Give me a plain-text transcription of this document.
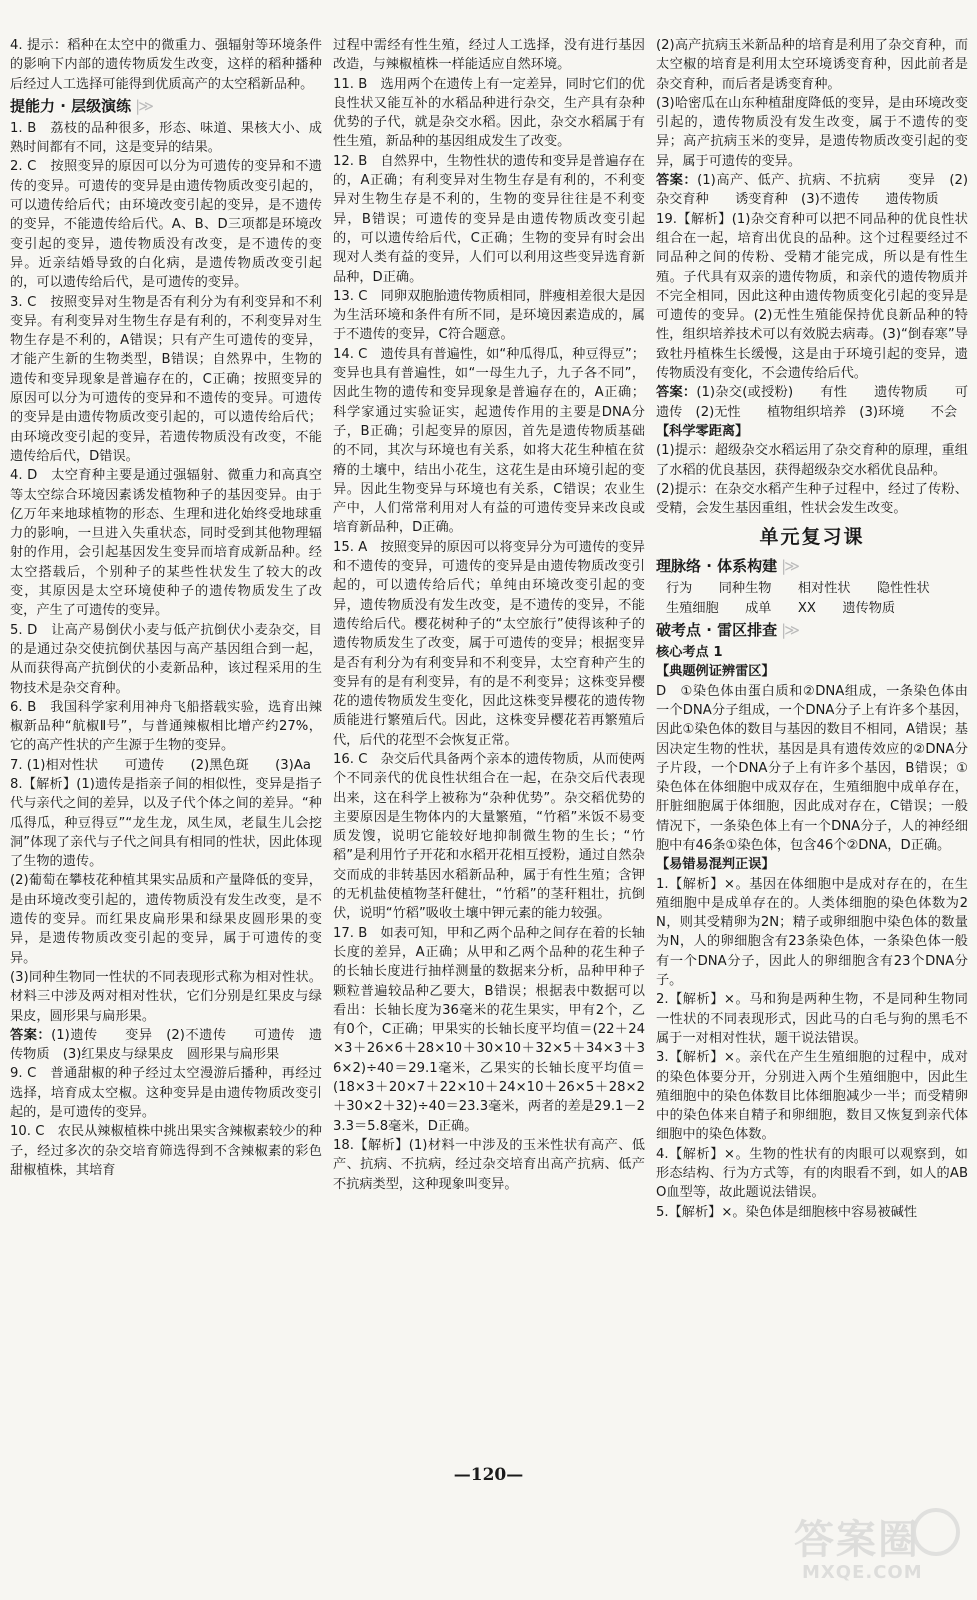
4. 提示：稻种在太空中的微重力、强辐射等环境条件的影响下内部的遗传物质发生改变，这样的稻种播种后经过人工选择可能得到优质高产的太空稻新品种。

提能力 · 层级演练 |≫

1. B　荔枝的品种很多，形态、味道、果核大小、成熟时间都有不同，这是变异的结果。

2. C　按照变异的原因可以分为可遗传的变异和不遗传的变异。可遗传的变异是由遗传物质改变引起的，可以遗传给后代；由环境改变引起的变异，是不遗传的变异，不能遗传给后代。A、B、D三项都是环境改变引起的变异，遗传物质没有改变，是不遗传的变异。近亲结婚导致的白化病，是遗传物质改变引起的，可以遗传给后代，是可遗传的变异。

3. C　按照变异对生物是否有利分为有利变异和不利变异。有利变异对生物生存是有利的，不利变异对生物生存是不利的，A错误；只有产生可遗传的变异，才能产生新的生物类型，B错误；自然界中，生物的遗传和变异现象是普遍存在的，C正确；按照变异的原因可以分为可遗传的变异和不遗传的变异。可遗传的变异是由遗传物质改变引起的，可以遗传给后代；由环境改变引起的变异，若遗传物质没有改变，不能遗传给后代，D错误。

4. D　太空育种主要是通过强辐射、微重力和高真空等太空综合环境因素诱发植物种子的基因变异。由于亿万年来地球植物的形态、生理和进化始终受地球重力的影响，一旦进入失重状态，同时受到其他物理辐射的作用，会引起基因发生变异而培育成新品种。经太空搭载后，个别种子的某些性状发生了较大的改变，其原因是太空环境使种子的遗传物质发生了改变，产生了可遗传的变异。

5. D　让高产易倒伏小麦与低产抗倒伏小麦杂交，目的是通过杂交使抗倒伏基因与高产基因组合到一起，从而获得高产抗倒伏的小麦新品种，该过程采用的生物技术是杂交育种。

6. B　我国科学家利用神舟飞船搭载实验，选育出辣椒新品种“航椒Ⅱ号”，与普通辣椒相比增产约27%，它的高产性状的产生源于生物的变异。

7. (1)相对性状　　可遗传　　(2)黑色斑　　(3)Aa

8.【解析】(1)遗传是指亲子间的相似性，变异是指子代与亲代之间的差异，以及子代个体之间的差异。“种瓜得瓜，种豆得豆”“龙生龙，凤生凤，老鼠生儿会挖洞”体现了亲代与子代之间具有相同的性状，因此体现了生物的遗传。

(2)葡萄在攀枝花种植其果实品质和产量降低的变异，是由环境改变引起的，遗传物质没有发生改变，是不遗传的变异。而红果皮扁形果和绿果皮圆形果的变异，是遗传物质改变引起的变异，属于可遗传的变异。

(3)同种生物同一性状的不同表现形式称为相对性状。材料三中涉及两对相对性状，它们分别是红果皮与绿果皮，圆形果与扁形果。

答案：(1)遗传　　变异　(2)不遗传　　可遗传　遗传物质　(3)红果皮与绿果皮　圆形果与扁形果

9. C　普通甜椒的种子经过太空漫游后播种，再经过选择，培育成太空椒。这种变异是由遗传物质改变引起的，是可遗传的变异。

10. C　农民从辣椒植株中挑出果实含辣椒素较少的种子，经过多次的杂交培育筛选得到不含辣椒素的彩色甜椒植株，其培育

过程中需经有性生殖，经过人工选择，没有进行基因改造，与辣椒植株一样能适应自然环境。

11. B　选用两个在遗传上有一定差异，同时它们的优良性状又能互补的水稻品种进行杂交，生产具有杂种优势的子代，就是杂交水稻。因此，杂交水稻属于有性生殖，新品种的基因组成发生了改变。

12. B　自然界中，生物性状的遗传和变异是普遍存在的，A正确；有利变异对生物生存是有利的，不利变异对生物生存是不利的，生物的变异往往是不利变异，B错误；可遗传的变异是由遗传物质改变引起的，可以遗传给后代，C正确；生物的变异有时会出现对人类有益的变异，人们可以利用这些变异选育新品种，D正确。

13. C　同卵双胞胎遗传物质相同，胖瘦相差很大是因为生活环境和条件有所不同，是环境因素造成的，属于不遗传的变异，C符合题意。

14. C　遗传具有普遍性，如“种瓜得瓜，种豆得豆”；变异也具有普遍性，如“一母生九子，九子各不同”，因此生物的遗传和变异现象是普遍存在的，A正确；科学家通过实验证实，起遗传作用的主要是DNA分子，B正确；引起变异的原因，首先是遗传物质基础的不同，其次与环境也有关系，如将大花生种植在贫瘠的土壤中，结出小花生，这花生是由环境引起的变异。因此生物变异与环境也有关系，C错误；农业生产中，人们常常利用对人有益的可遗传变异来改良或培育新品种，D正确。

15. A　按照变异的原因可以将变异分为可遗传的变异和不遗传的变异，可遗传的变异是由遗传物质改变引起的，可以遗传给后代；单纯由环境改变引起的变异，遗传物质没有发生改变，是不遗传的变异，不能遗传给后代。樱花树种子的“太空旅行”使得该种子的遗传物质发生了改变，属于可遗传的变异；根据变异是否有利分为有利变异和不利变异，太空育种产生的变异有的是有利变异，有的是不利变异；这株变异樱花的遗传物质发生变化，因此这株变异樱花的遗传物质能进行繁殖后代。因此，这株变异樱花若再繁殖后代，后代的花型不会恢复正常。

16. C　杂交后代具备两个亲本的遗传物质，从而使两个不同亲代的优良性状组合在一起，在杂交后代表现出来，这在科学上被称为“杂种优势”。杂交稻优势的主要原因是生物体内的大量繁殖，“竹稻”米饭不易变质发馊，说明它能较好地抑制微生物的生长；“竹稻”是利用竹子开花和水稻开花相互授粉，通过自然杂交而成的非转基因水稻新品种，属于有性生殖；含钾的无机盐使植物茎秆健壮，“竹稻”的茎秆粗壮，抗倒伏，说明“竹稻”吸收土壤中钾元素的能力较强。

17. B　如表可知，甲和乙两个品种之间存在着的长轴长度的差异，A正确；从甲和乙两个品种的花生种子的长轴长度进行抽样测量的数据来分析，品种甲种子颗粒普遍较品种乙要大，B错误；根据表中数据可以看出：长轴长度为36毫米的花生果实，甲有2个，乙有0个，C正确；甲果实的长轴长度平均值＝(22＋24×3＋26×6＋28×10＋30×10＋32×5＋34×3＋36×2)÷40＝29.1毫米，乙果实的长轴长度平均值＝(18×3＋20×7＋22×10＋24×10＋26×5＋28×2＋30×2＋32)÷40＝23.3毫米，两者的差是29.1－23.3＝5.8毫米，D正确。

18.【解析】(1)材料一中涉及的玉米性状有高产、低产、抗病、不抗病，经过杂交培育出高产抗病、低产不抗病类型，这种现象叫变异。

(2)高产抗病玉米新品种的培育是利用了杂交育种，而太空椒的培育是利用太空环境诱变育种，因此前者是杂交育种，而后者是诱变育种。

(3)哈密瓜在山东种植甜度降低的变异，是由环境改变引起的，遗传物质没有发生改变，属于不遗传的变异；高产抗病玉米的变异，是遗传物质改变引起的变异，属于可遗传的变异。

答案：(1)高产、低产、抗病、不抗病　　变异　(2)杂交育种　　诱变育种　(3)不遗传　　遗传物质

19.【解析】(1)杂交育种可以把不同品种的优良性状组合在一起，培育出优良的品种。这个过程要经过不同品种之间的传粉、受精才能完成，所以是有性生殖。子代具有双亲的遗传物质，和亲代的遗传物质并不完全相同，因此这种由遗传物质变化引起的变异是可遗传的变异。(2)无性生殖能保持优良新品种的特性，组织培养技术可以有效脱去病毒。(3)“倒春寒”导致牡丹植株生长缓慢，这是由于环境引起的变异，遗传物质没有变化，不会遗传给后代。

答案：(1)杂交(或授粉)　　有性　　遗传物质　　可遗传　(2)无性　　植物组织培养　(3)环境　　不会

【科学零距离】

(1)提示：超级杂交水稻运用了杂交育种的原理，重组了水稻的优良基因，获得超级杂交水稻优良品种。

(2)提示：在杂交水稻产生种子过程中，经过了传粉、受精，会发生基因重组，性状会发生改变。

单元复习课
理脉络 · 体系构建 |≫

行为　　同种生物　　相对性状　　隐性性状

生殖细胞　　成单　　XX　　遗传物质

破考点 · 雷区排查 |≫

核心考点 1

【典题例证辨雷区】

D　①染色体由蛋白质和②DNA组成，一条染色体由一个DNA分子组成，一个DNA分子上有许多个基因，因此①染色体的数目与基因的数目不相同，A错误；基因决定生物的性状，基因是具有遗传效应的②DNA分子片段，一个DNA分子上有许多个基因，B错误；①染色体在体细胞中成双存在，生殖细胞中成单存在，肝脏细胞属于体细胞，因此成对存在，C错误；一般情况下，一条染色体上有一个DNA分子，人的神经细胞中有46条①染色体，包含46个②DNA，D正确。

【易错易混判正误】

1.【解析】×。基因在体细胞中是成对存在的，在生殖细胞中是成单存在的。人类体细胞的染色体数为2N，则其受精卵为2N；精子或卵细胞中染色体的数量为N，人的卵细胞含有23条染色体，一条染色体一般有一个DNA分子，因此人的卵细胞含有23个DNA分子。

2.【解析】×。马和狗是两种生物，不是同种生物同一性状的不同表现形式，因此马的白毛与狗的黑毛不属于一对相对性状，题干说法错误。

3.【解析】×。亲代在产生生殖细胞的过程中，成对的染色体要分开，分别进入两个生殖细胞中，因此生殖细胞中的染色体数目比体细胞减少一半；而受精卵中的染色体来自精子和卵细胞，数目又恢复到亲代体细胞中的染色体数。

4.【解析】×。生物的性状有的肉眼可以观察到，如形态结构、行为方式等，有的肉眼看不到，如人的ABO血型等，故此题说法错误。

5.【解析】×。染色体是细胞核中容易被碱性

—120—
答案圈
MXQE.COM
